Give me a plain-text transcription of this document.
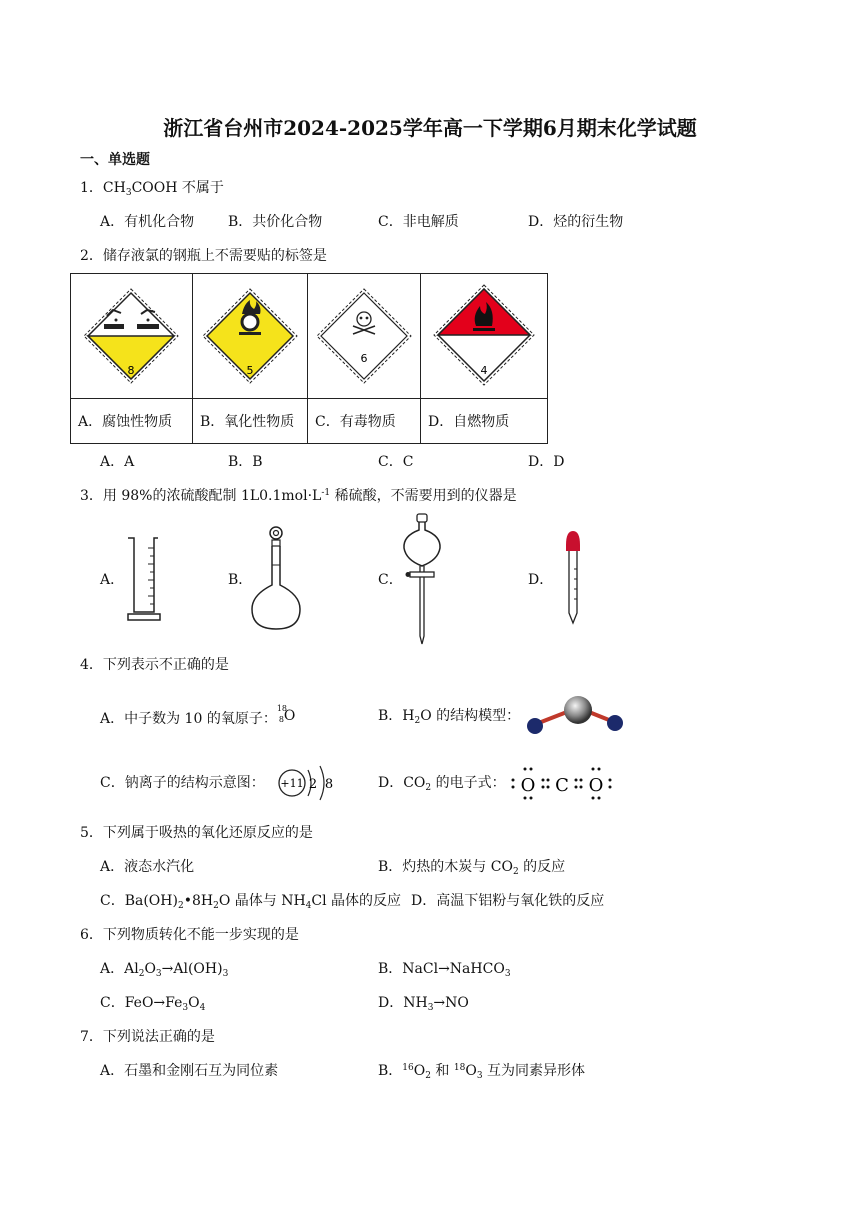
浙江省台州市2024-2025学年高一下学期6月期末化学试题
一、单选题
1．$CH_3COOH$ 不属于
A．有机化合物 B．共价化合物	C．非电解质	D．烃的衍生物
2．储存液氯的钢瓶上不需要贴的标签是
8	5	6	4

A．腐蚀性物质	B．氧化性物质	C．有毒物质	D．自燃物质
A．A	B．B	C．C	D．D
3．用 98%的浓硫酸配制 $1L0.1mol\cdot L^{-1}$ 稀硫酸，不需要用到的仪器是
A．	B．	C．	D．
4．下列表示不正确的是
A．中子数为 10 的氧原子：
18
8 O	B．$H_2O$ 的结构模型：
C．钠离子的结构示意图： +11 2 8	D．$CO_2$ 的电子式： O C O
5．下列属于吸热的氧化还原反应的是
A．液态水汽化	B．灼热的木炭与 $CO_2$ 的反应
C．$Ba(OH)_2•8H_2O$ 晶体与 $NH_4Cl$ 晶体的反应 D．高温下铝粉与氧化铁的反应
6．下列物质转化不能一步实现的是
A．$Al_2O_3\to Al(OH)_3$	B．NaCl→NaHCO$_3$
C．$FeO\to Fe_3O_4$	D．$NH_3\to NO$
7．下列说法正确的是
A．石墨和金刚石互为同位素	B．$^{16}O_2$ 和 $^{18}O_3$ 互为同素异形体
